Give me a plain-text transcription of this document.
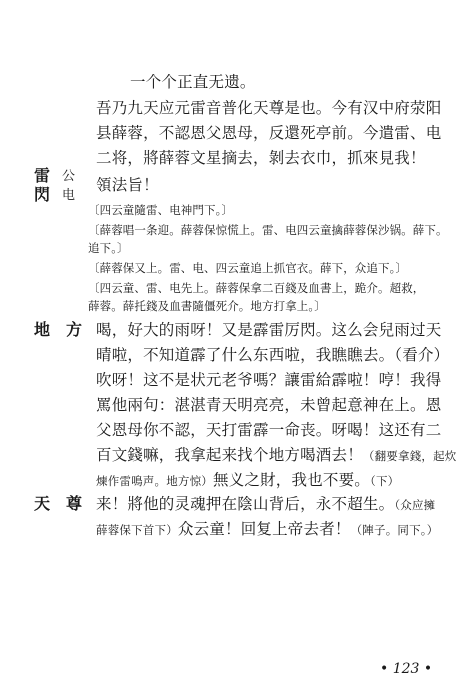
一个个正直无遗。
吾乃九天应元雷音普化天尊是也。今有汉中府荥阳
县薛蓉，不認恩父恩母，反還死亭前。今遣雷、电
二将，將薛蓉文星摘去，剝去衣巾，抓來見我！
雷
閃
公
电
領法旨！
〔四云童隨雷、电神門下。〕
〔薛蓉唱一条迎。薛蓉保惊慌上。雷、电四云童擒薛蓉保沙锅。薛下。
追下。〕
〔薛蓉保又上。雷、电、四云童追上抓官衣。薛下，众追下。〕
〔四云童、雷、电先上。薛蓉保拿二百錢及血書上，跪介。超救，
薛蓉。薛托錢及血書隨僵死介。地方打拿上。〕
地　方 喝，好大的雨呀！又是霹雷厉閃。这么会兒雨过天
晴啦，不知道霹了什么东西啦，我瞧瞧去。（看介）
吹呀！这不是状元老爷嗎？讓雷給霹啦！哼！我得
罵他兩句：湛湛青天明亮亮，未曾起意神在上。恩
父恩母你不認，天打雷霹一命丧。呀喝！这还有二
百文錢嘛，我拿起来找个地方喝酒去！（翻要拿錢，起炊
煉作雷鳴声。地方惊）無义之財，我也不要。（下）
天　尊 来！將他的灵魂押在陰山背后，永不超生。（众应擁
薛蓉保下首下）众云童！回复上帝去者！（陣子。同下。）
• 123 •
